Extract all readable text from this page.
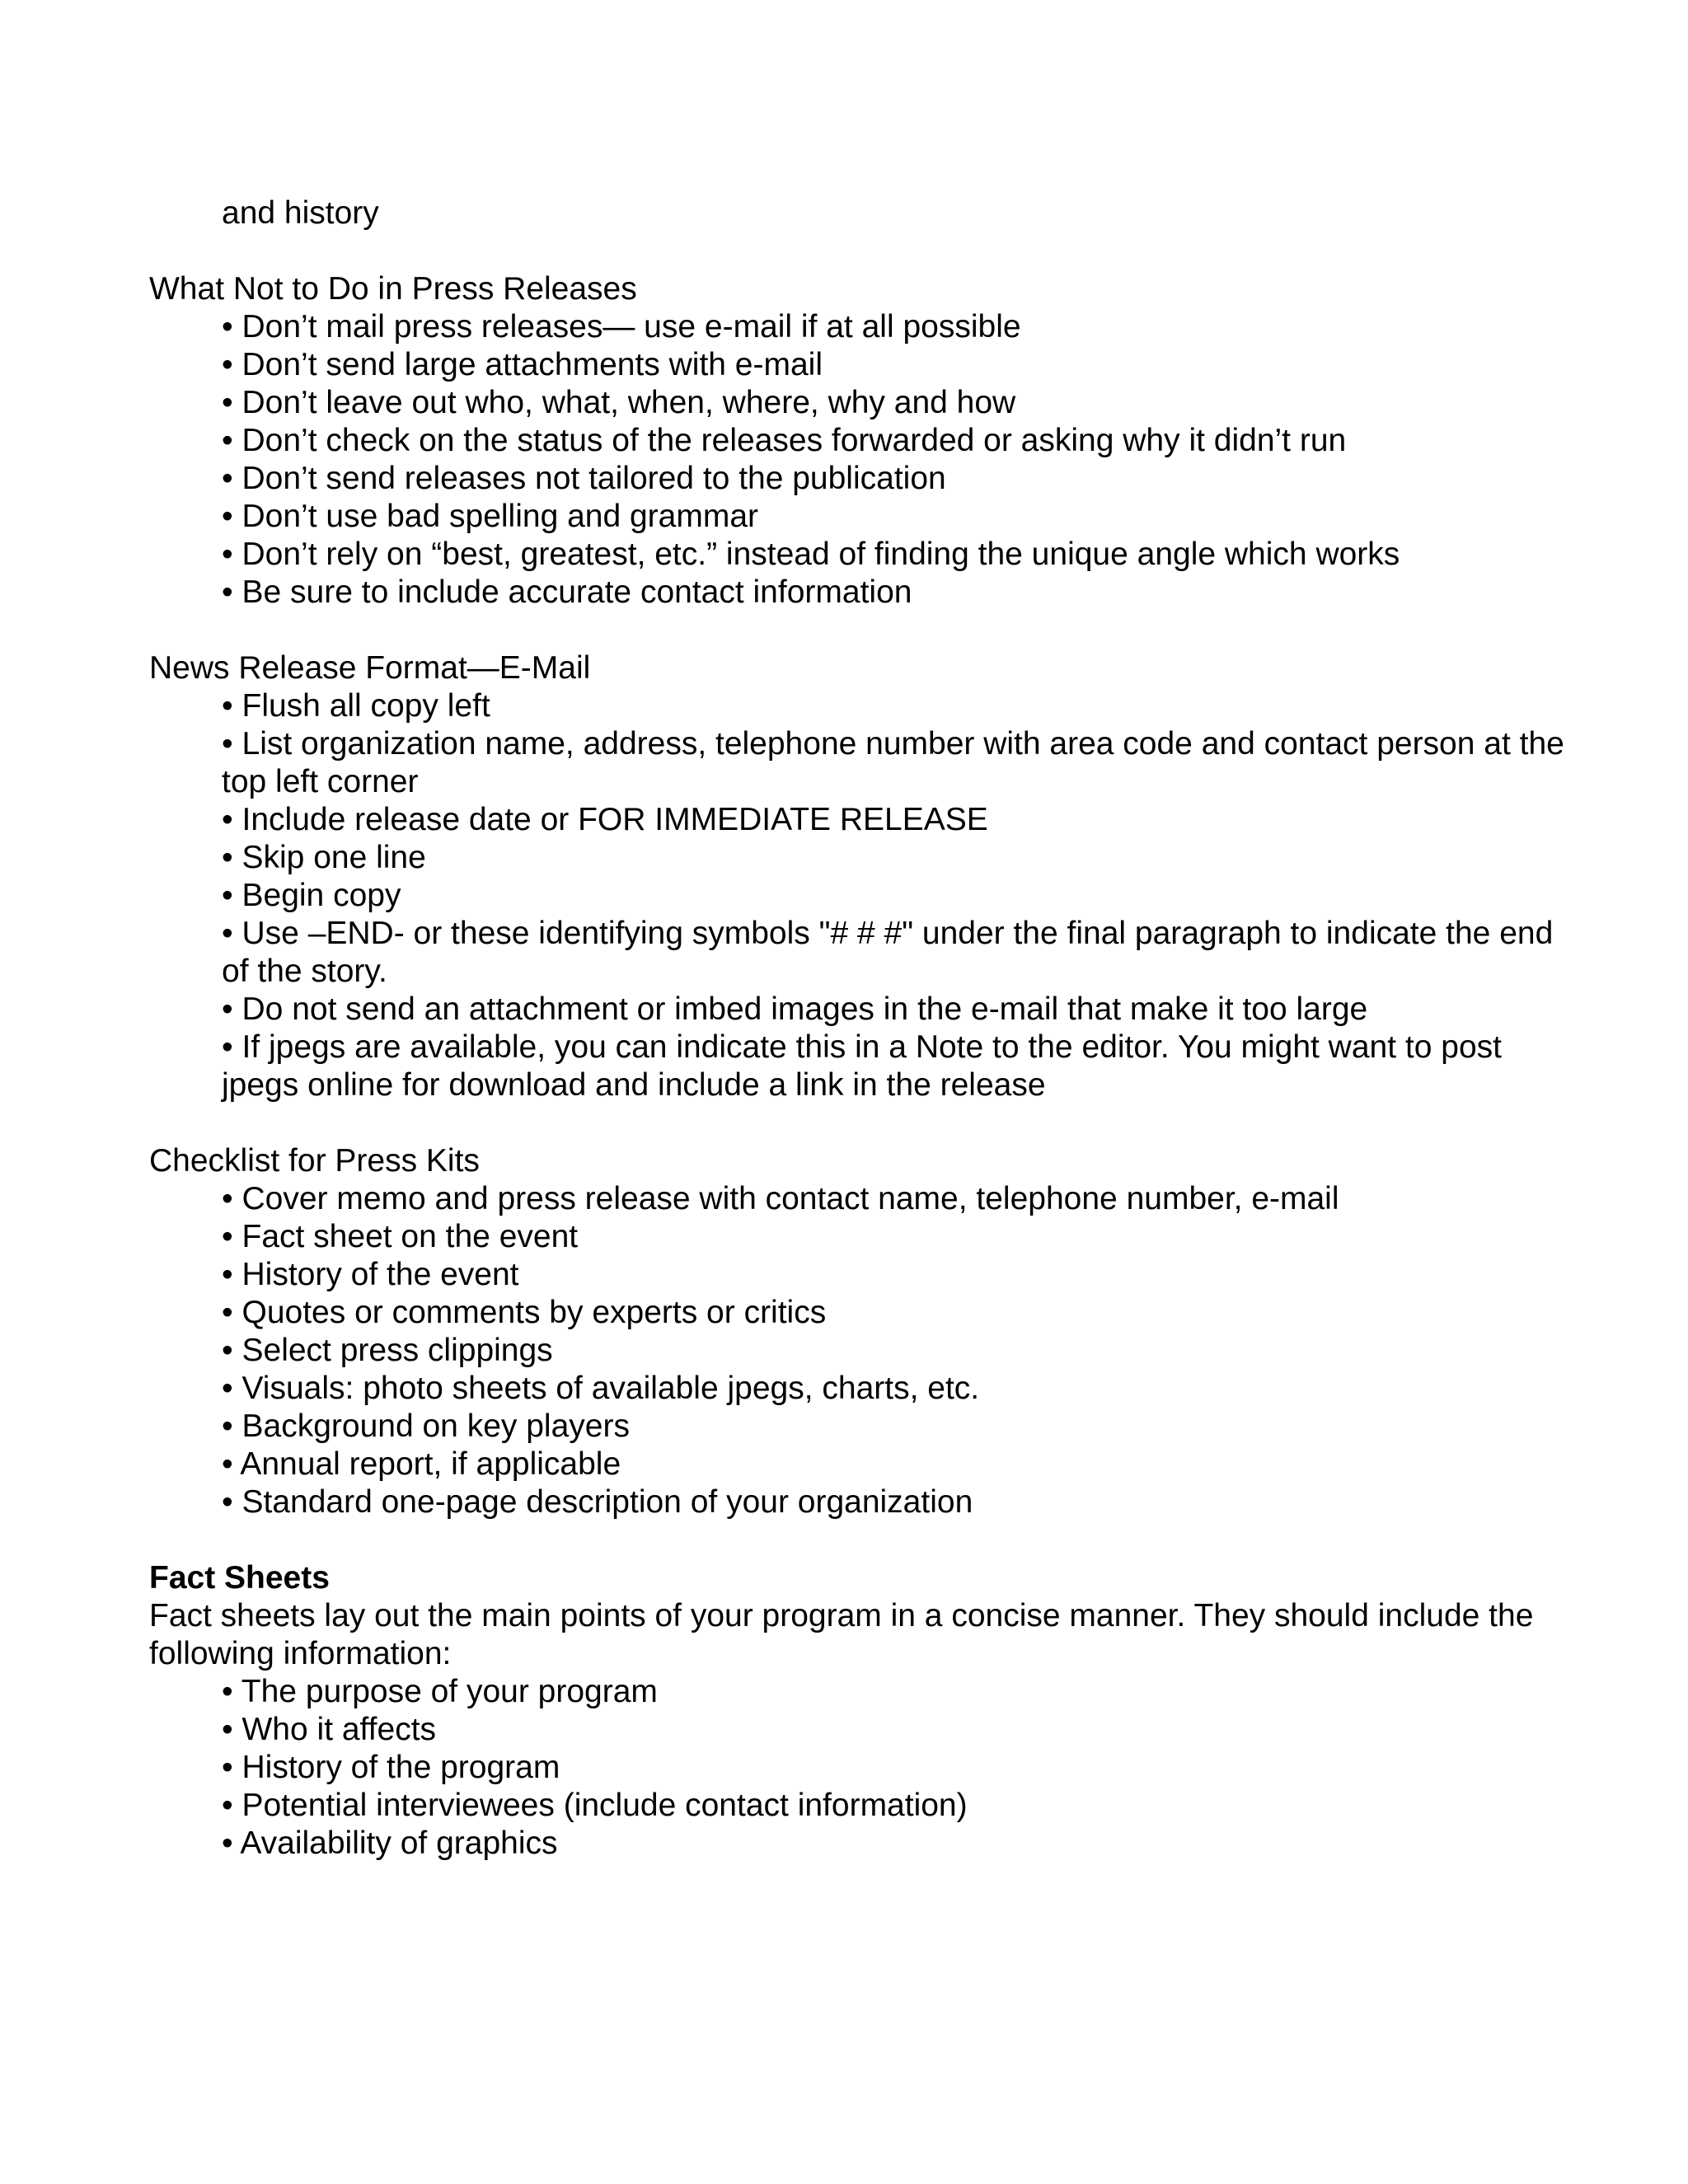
and history

What Not to Do in Press Releases

• Don’t mail press releases— use e-mail if at all possible
• Don’t send large attachments with e-mail
• Don’t leave out who, what, when, where, why and how
• Don’t check on the status of the releases forwarded or asking why it didn’t run
• Don’t send releases not tailored to the publication
• Don’t use bad spelling and grammar
• Don’t rely on “best, greatest, etc.” instead of finding the unique angle which works
• Be sure to include accurate contact information

News Release Format—E-Mail

• Flush all copy left
• List organization name, address, telephone number with area code and contact person at the top left corner
• Include release date or FOR IMMEDIATE RELEASE
• Skip one line
• Begin copy
• Use –END- or these identifying symbols "# # #" under the final paragraph to indicate the end of the story.
• Do not send an attachment or imbed images in the e-mail that make it too large
• If jpegs are available, you can indicate this in a Note to the editor. You might want to post jpegs online for download and include a link in the release

Checklist for Press Kits

• Cover memo and press release with contact name, telephone number, e-mail
• Fact sheet on the event
• History of the event
• Quotes or comments by experts or critics
• Select press clippings
• Visuals: photo sheets of available jpegs, charts, etc.
• Background on key players
• Annual report, if applicable
• Standard one-page description of your organization

Fact Sheets

Fact sheets lay out the main points of your program in a concise manner. They should include the following information:

• The purpose of your program
• Who it affects
• History of the program
• Potential interviewees (include contact information)
• Availability of graphics
